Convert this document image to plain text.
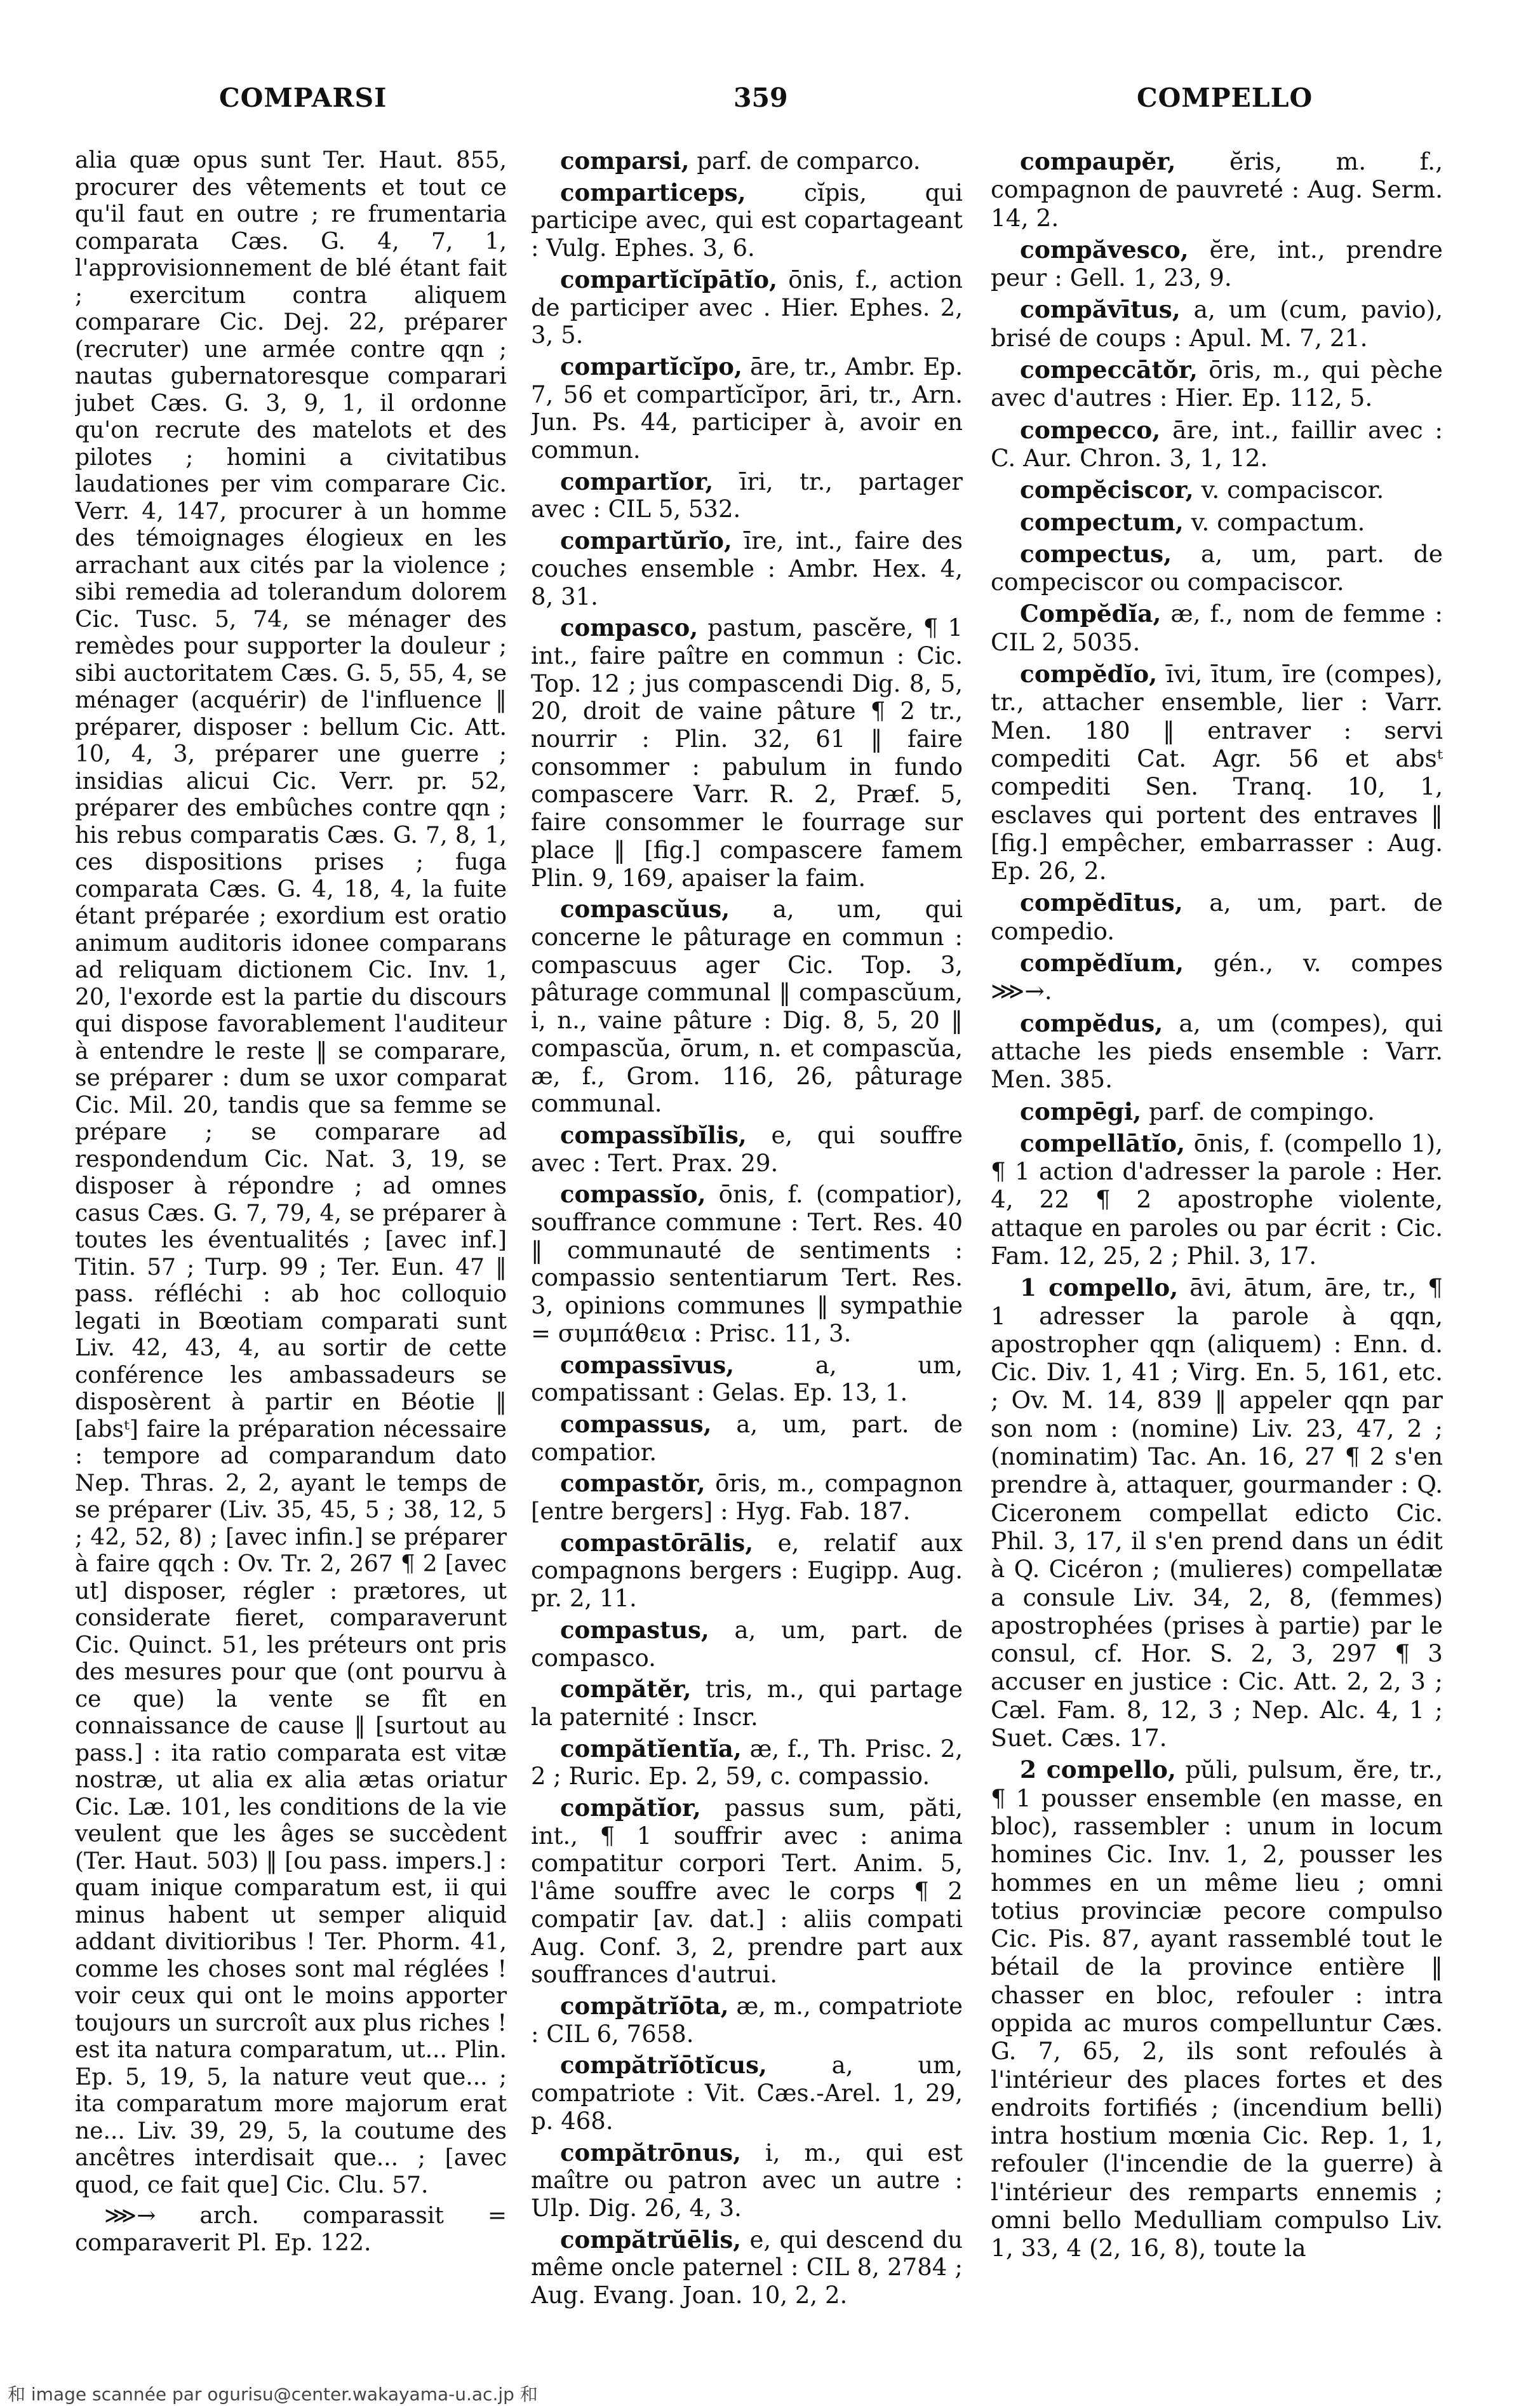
COMPARSI	359	COMPELLO

alia quæ opus sunt Ter. Haut. 855, procurer des vêtements et tout ce qu'il faut en outre ; re frumentaria comparata Cæs. G. 4, 7, 1, l'approvisionnement de blé étant fait ; exercitum contra aliquem comparare Cic. Dej. 22, préparer (recruter) une armée contre qqn ; nautas gubernatoresque comparari jubet Cæs. G. 3, 9, 1, il ordonne qu'on recrute des matelots et des pilotes ; homini a civitatibus laudationes per vim comparare Cic. Verr. 4, 147, procurer à un homme des témoignages élogieux en les arrachant aux cités par la violence ; sibi remedia ad tolerandum dolorem Cic. Tusc. 5, 74, se ménager des remèdes pour supporter la douleur ; sibi auctoritatem Cæs. G. 5, 55, 4, se ménager (acquérir) de l'influence ‖ préparer, disposer : bellum Cic. Att. 10, 4, 3, préparer une guerre ; insidias alicui Cic. Verr. pr. 52, préparer des embûches contre qqn ; his rebus comparatis Cæs. G. 7, 8, 1, ces dispositions prises ; fuga comparata Cæs. G. 4, 18, 4, la fuite étant préparée ; exordium est oratio animum auditoris idonee comparans ad reliquam dictionem Cic. Inv. 1, 20, l'exorde est la partie du discours qui dispose favorablement l'auditeur à entendre le reste ‖ se comparare, se préparer : dum se uxor comparat Cic. Mil. 20, tandis que sa femme se prépare ; se comparare ad respondendum Cic. Nat. 3, 19, se disposer à répondre ; ad omnes casus Cæs. G. 7, 79, 4, se préparer à toutes les éventualités ; [avec inf.] Titin. 57 ; Turp. 99 ; Ter. Eun. 47 ‖ pass. réfléchi : ab hoc colloquio legati in Bœotiam comparati sunt Liv. 42, 43, 4, au sortir de cette conférence les ambassadeurs se disposèrent à partir en Béotie ‖ [absᵗ] faire la préparation nécessaire : tempore ad comparandum dato Nep. Thras. 2, 2, ayant le temps de se préparer (Liv. 35, 45, 5 ; 38, 12, 5 ; 42, 52, 8) ; [avec infin.] se préparer à faire qqch : Ov. Tr. 2, 267 ¶ 2 [avec ut] disposer, régler : prætores, ut considerate fieret, comparaverunt Cic. Quinct. 51, les préteurs ont pris des mesures pour que (ont pourvu à ce que) la vente se fît en connaissance de cause ‖ [surtout au pass.] : ita ratio comparata est vitæ nostræ, ut alia ex alia ætas oriatur Cic. Læ. 101, les conditions de la vie veulent que les âges se succèdent (Ter. Haut. 503) ‖ [ou pass. impers.] : quam inique comparatum est, ii qui minus habent ut semper aliquid addant divitioribus ! Ter. Phorm. 41, comme les choses sont mal réglées ! voir ceux qui ont le moins apporter toujours un surcroît aux plus riches ! est ita natura comparatum, ut... Plin. Ep. 5, 19, 5, la nature veut que... ; ita comparatum more majorum erat ne... Liv. 39, 29, 5, la coutume des ancêtres interdisait que... ; [avec quod, ce fait que] Cic. Clu. 57.

⋙→ arch. comparassit = comparaverit Pl. Ep. 122.

comparsi, parf. de comparco.

comparticeps, cĭpis, qui participe avec, qui est copartageant : Vulg. Ephes. 3, 6.

compartĭcĭpātĭo, ōnis, f., action de participer avec . Hier. Ephes. 2, 3, 5.

compartĭcĭpo, āre, tr., Ambr. Ep. 7, 56 et compartĭcĭpor, āri, tr., Arn. Jun. Ps. 44, participer à, avoir en commun.

compartĭor, īri, tr., partager avec : CIL 5, 532.

compartŭrĭo, īre, int., faire des couches ensemble : Ambr. Hex. 4, 8, 31.

compasco, pastum, pascĕre, ¶ 1 int., faire paître en commun : Cic. Top. 12 ; jus compascendi Dig. 8, 5, 20, droit de vaine pâture ¶ 2 tr., nourrir : Plin. 32, 61 ‖ faire consommer : pabulum in fundo compascere Varr. R. 2, Præf. 5, faire consommer le fourrage sur place ‖ [fig.] compascere famem Plin. 9, 169, apaiser la faim.

compascŭus, a, um, qui concerne le pâturage en commun : compascuus ager Cic. Top. 3, pâturage communal ‖ compascŭum, i, n., vaine pâture : Dig. 8, 5, 20 ‖ compascŭa, ōrum, n. et compascŭa, æ, f., Grom. 116, 26, pâturage communal.

compassĭbĭlis, e, qui souffre avec : Tert. Prax. 29.

compassĭo, ōnis, f. (compatior), souffrance commune : Tert. Res. 40 ‖ communauté de sentiments : compassio sententiarum Tert. Res. 3, opinions communes ‖ sympathie = συμπάθεια : Prisc. 11, 3.

compassīvus, a, um, compatissant : Gelas. Ep. 13, 1.

compassus, a, um, part. de compatior.

compastŏr, ōris, m., compagnon [entre bergers] : Hyg. Fab. 187.

compastōrālis, e, relatif aux compagnons bergers : Eugipp. Aug. pr. 2, 11.

compastus, a, um, part. de compasco.

compătĕr, tris, m., qui partage la paternité : Inscr.

compătĭentĭa, æ, f., Th. Prisc. 2, 2 ; Ruric. Ep. 2, 59, c. compassio.

compătĭor, passus sum, păti, int., ¶ 1 souffrir avec : anima compatitur corpori Tert. Anim. 5, l'âme souffre avec le corps ¶ 2 compatir [av. dat.] : aliis compati Aug. Conf. 3, 2, prendre part aux souffrances d'autrui.

compătrĭōta, æ, m., compatriote : CIL 6, 7658.

compătrĭōtĭcus, a, um, compatriote : Vit. Cæs.-Arel. 1, 29, p. 468.

compătrōnus, i, m., qui est maître ou patron avec un autre : Ulp. Dig. 26, 4, 3.

compătrŭēlis, e, qui descend du même oncle paternel : CIL 8, 2784 ; Aug. Evang. Joan. 10, 2, 2.

compaupĕr, ĕris, m. f., compagnon de pauvreté : Aug. Serm. 14, 2.

compăvesco, ĕre, int., prendre peur : Gell. 1, 23, 9.

compăvītus, a, um (cum, pavio), brisé de coups : Apul. M. 7, 21.

compeccātŏr, ōris, m., qui pèche avec d'autres : Hier. Ep. 112, 5.

compecco, āre, int., faillir avec : C. Aur. Chron. 3, 1, 12.

compĕciscor, v. compaciscor.

compectum, v. compactum.

compectus, a, um, part. de compeciscor ou compaciscor.

Compĕdĭa, æ, f., nom de femme : CIL 2, 5035.

compĕdĭo, īvi, ītum, īre (compes), tr., attacher ensemble, lier : Varr. Men. 180 ‖ entraver : servi compediti Cat. Agr. 56 et absᵗ compediti Sen. Tranq. 10, 1, esclaves qui portent des entraves ‖ [fig.] empêcher, embarrasser : Aug. Ep. 26, 2.

compĕdītus, a, um, part. de compedio.

compĕdĭum, gén., v. compes ⋙→.

compĕdus, a, um (compes), qui attache les pieds ensemble : Varr. Men. 385.

compēgi, parf. de compingo.

compellātĭo, ōnis, f. (compello 1), ¶ 1 action d'adresser la parole : Her. 4, 22 ¶ 2 apostrophe violente, attaque en paroles ou par écrit : Cic. Fam. 12, 25, 2 ; Phil. 3, 17.

1 compello, āvi, ātum, āre, tr., ¶ 1 adresser la parole à qqn, apostropher qqn (aliquem) : Enn. d. Cic. Div. 1, 41 ; Virg. En. 5, 161, etc. ; Ov. M. 14, 839 ‖ appeler qqn par son nom : (nomine) Liv. 23, 47, 2 ; (nominatim) Tac. An. 16, 27 ¶ 2 s'en prendre à, attaquer, gourmander : Q. Ciceronem compellat edicto Cic. Phil. 3, 17, il s'en prend dans un édit à Q. Cicéron ; (mulieres) compellatæ a consule Liv. 34, 2, 8, (femmes) apostrophées (prises à partie) par le consul, cf. Hor. S. 2, 3, 297 ¶ 3 accuser en justice : Cic. Att. 2, 2, 3 ; Cæl. Fam. 8, 12, 3 ; Nep. Alc. 4, 1 ; Suet. Cæs. 17.

2 compello, pŭli, pulsum, ĕre, tr., ¶ 1 pousser ensemble (en masse, en bloc), rassembler : unum in locum homines Cic. Inv. 1, 2, pousser les hommes en un même lieu ; omni totius provinciæ pecore compulso Cic. Pis. 87, ayant rassemblé tout le bétail de la province entière ‖ chasser en bloc, refouler : intra oppida ac muros compelluntur Cæs. G. 7, 65, 2, ils sont refoulés à l'intérieur des places fortes et des endroits fortifiés ; (incendium belli) intra hostium mœnia Cic. Rep. 1, 1, refouler (l'incendie de la guerre) à l'intérieur des remparts ennemis ; omni bello Medulliam compulso Liv. 1, 33, 4 (2, 16, 8), toute la

和 image scannée par ogurisu@center.wakayama-u.ac.jp 和
